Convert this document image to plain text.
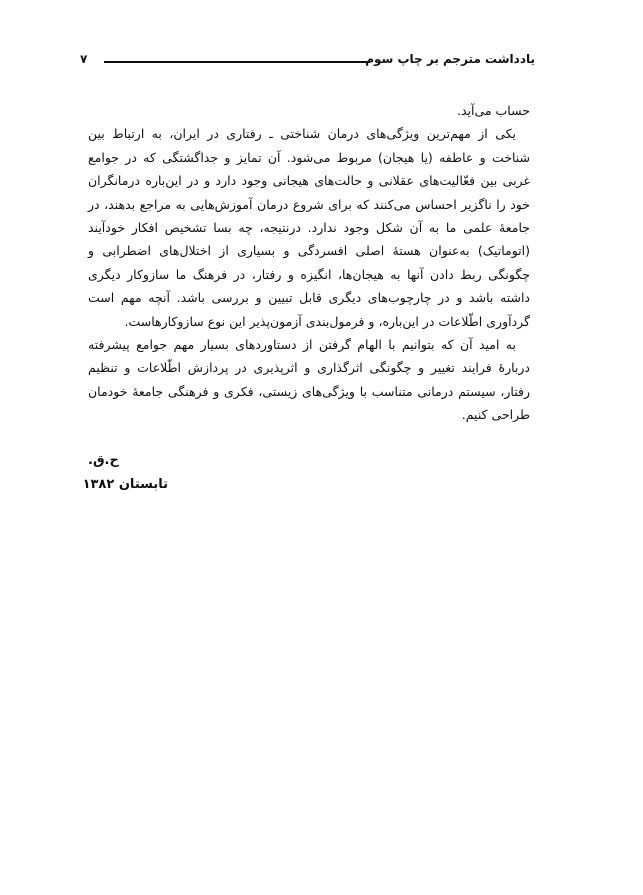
۷	یادداشت مترجم بر چاپ سوم

حساب می‌آید.

یکی از مهم‌ترین ویژگی‌های درمان شناختی ـ رفتاری در ایران، به ارتباط بین شناخت و عاطفه (یا هیجان) مربوط می‌شود. آن تمایز و جداگشتگی که در جوامع غربی بین فعّالیت‌های عقلانی و حالت‌های هیجانی وجود دارد و در این‌باره درمانگران خود را ناگزیر احساس می‌کنند که برای شروع درمان آموزش‌هایی به مراجع بدهند، در جامعهٔ علمی ما به آن شکل وجود ندارد. درنتیجه، چه بسا تشخیص افکار خودآیند (اتوماتیک) به‌عنوان هستهٔ اصلی افسردگی و بسیاری از اختلال‌های اضطرابی و چگونگی ربط دادن آنها به هیجان‌ها، انگیزه و رفتار، در فرهنگ ما سازوکار دیگری داشته باشد و در چارچوب‌های دیگری قابل تبیین و بررسی باشد. آنچه مهم است گردآوری اطّلاعات در این‌باره، و فرمول‌بندی آزمون‌پذیر این نوع سازوکارهاست.

به امید آن که بتوانیم با الهام گرفتن از دستاوردهای بسیار مهم جوامع پیشرفته دربارهٔ فرایند تغییر و چگونگی اثرگذاری و اثرپذیری در پردازش اطّلاعات و تنظیم رفتار، سیستم درمانی متناسب با ویژگی‌های زیستی، فکری و فرهنگی جامعهٔ خودمان طراحی کنیم.

ح.ق.
تابستان ۱۳۸۲
